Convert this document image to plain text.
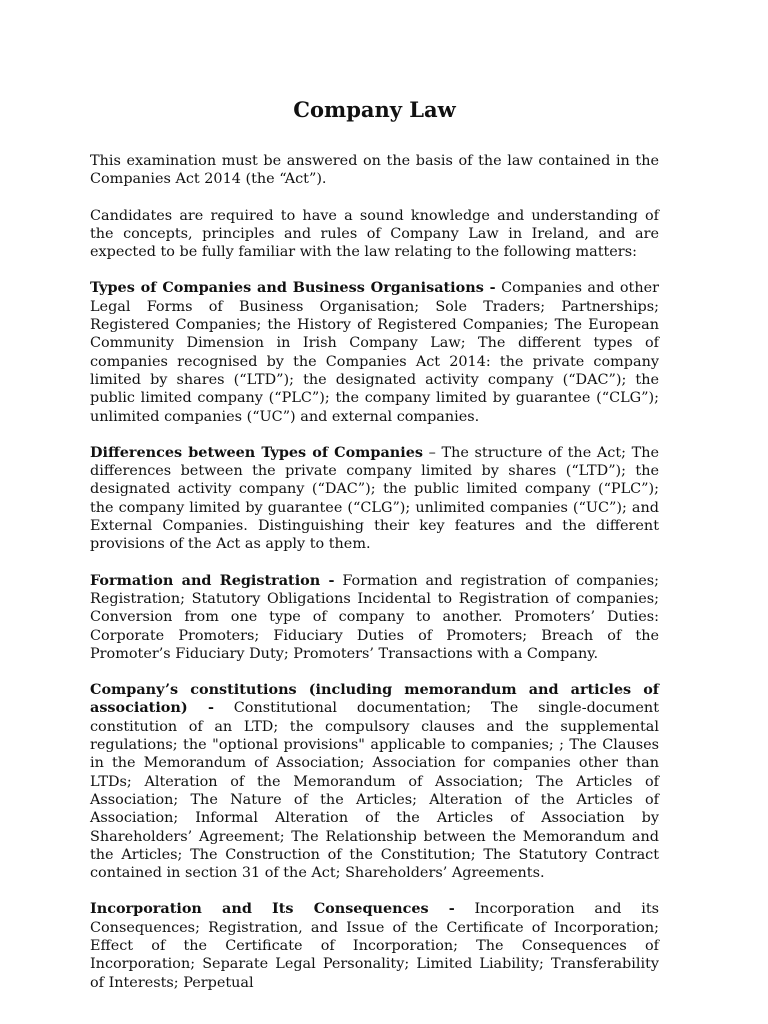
Company Law

This examination must be answered on the basis of the law contained in the Companies Act 2014 (the “Act”).

Candidates are required to have a sound knowledge and understanding of the concepts, principles and rules of Company Law in Ireland, and are expected to be fully familiar with the law relating to the following matters:

Types of Companies and Business Organisations - Companies and other Legal Forms of Business Organisation; Sole Traders; Partnerships; Registered Companies; the History of Registered Companies; The European Community Dimension in Irish Company Law; The different types of companies recognised by the Companies Act 2014: the private company limited by shares (“LTD”); the designated activity company (“DAC”); the public limited company (“PLC”); the company limited by guarantee (“CLG”); unlimited companies (“UC”) and external companies.

Differences between Types of Companies – The structure of the Act; The differences between the private company limited by shares (“LTD”); the designated activity company (“DAC”); the public limited company (“PLC”); the company limited by guarantee (“CLG”); unlimited companies (“UC”); and External Companies. Distinguishing their key features and the different provisions of the Act as apply to them.

Formation and Registration - Formation and registration of companies; Registration; Statutory Obligations Incidental to Registration of companies; Conversion from one type of company to another. Promoters’ Duties: Corporate Promoters; Fiduciary Duties of Promoters; Breach of the Promoter’s Fiduciary Duty; Promoters’ Transactions with a Company.

Company’s constitutions (including memorandum and articles of association) - Constitutional documentation; The single-document constitution of an LTD; the compulsory clauses and the supplemental regulations; the "optional provisions" applicable to companies; ; The Clauses in the Memorandum of Association; Association for companies other than LTDs; Alteration of the Memorandum of Association; The Articles of Association; The Nature of the Articles; Alteration of the Articles of Association; Informal Alteration of the Articles of Association by Shareholders’ Agreement; The Relationship between the Memorandum and the Articles; The Construction of the Constitution; The Statutory Contract contained in section 31 of the Act; Shareholders’ Agreements.

Incorporation and Its Consequences - Incorporation and its Consequences; Registration, and Issue of the Certificate of Incorporation; Effect of the Certificate of Incorporation; The Consequences of Incorporation; Separate Legal Personality; Limited Liability; Transferability of Interests; Perpetual
